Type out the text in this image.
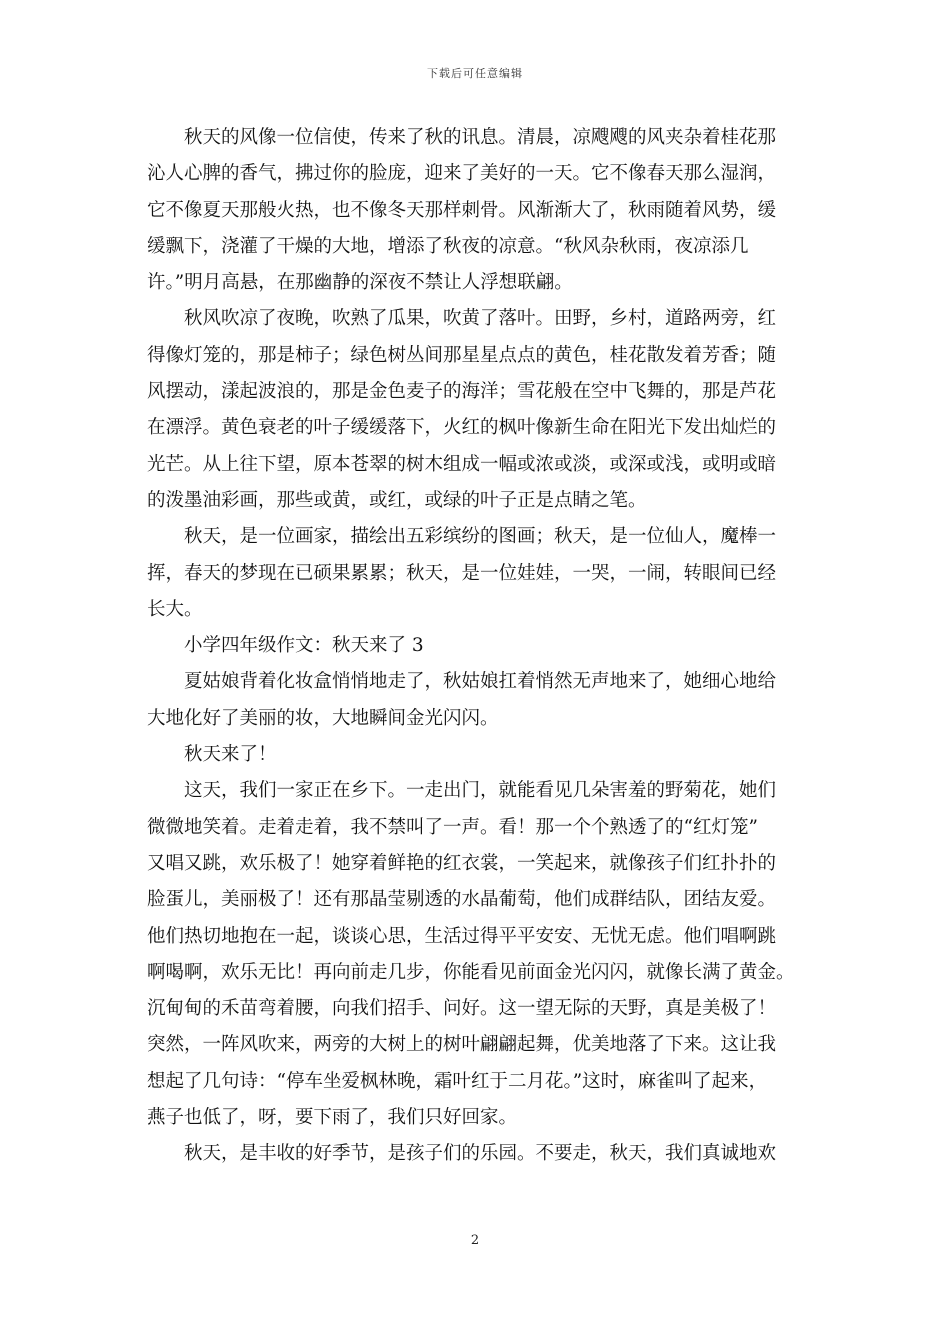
下载后可任意编辑
　　秋天的风像一位信使，传来了秋的讯息。清晨，凉飕飕的风夹杂着桂花那
沁人心脾的香气，拂过你的脸庞，迎来了美好的一天。它不像春天那么湿润，
它不像夏天那般火热，也不像冬天那样刺骨。风渐渐大了，秋雨随着风势，缓
缓飘下，浇灌了干燥的大地，增添了秋夜的凉意。“秋风杂秋雨，夜凉添几
许。”明月高悬，在那幽静的深夜不禁让人浮想联翩。
　　秋风吹凉了夜晚，吹熟了瓜果，吹黄了落叶。田野，乡村，道路两旁，红
得像灯笼的，那是柿子；绿色树丛间那星星点点的黄色，桂花散发着芳香；随
风摆动，漾起波浪的，那是金色麦子的海洋；雪花般在空中飞舞的，那是芦花
在漂浮。黄色衰老的叶子缓缓落下，火红的枫叶像新生命在阳光下发出灿烂的
光芒。从上往下望，原本苍翠的树木组成一幅或浓或淡，或深或浅，或明或暗
的泼墨油彩画，那些或黄，或红，或绿的叶子正是点睛之笔。
　　秋天，是一位画家，描绘出五彩缤纷的图画；秋天，是一位仙人，魔棒一
挥，春天的梦现在已硕果累累；秋天，是一位娃娃，一哭，一闹，转眼间已经
长大。
　　小学四年级作文：秋天来了 3
　　夏姑娘背着化妆盒悄悄地走了，秋姑娘扛着悄然无声地来了，她细心地给
大地化好了美丽的妆，大地瞬间金光闪闪。
　　秋天来了！
　　这天，我们一家正在乡下。一走出门，就能看见几朵害羞的野菊花，她们
微微地笑着。走着走着，我不禁叫了一声。看！那一个个熟透了的“红灯笼”
又唱又跳，欢乐极了！她穿着鲜艳的红衣裳，一笑起来，就像孩子们红扑扑的
脸蛋儿，美丽极了！还有那晶莹剔透的水晶葡萄，他们成群结队，团结友爱。
他们热切地抱在一起，谈谈心思，生活过得平平安安、无忧无虑。他们唱啊跳
啊喝啊，欢乐无比！再向前走几步，你能看见前面金光闪闪，就像长满了黄金。
沉甸甸的禾苗弯着腰，向我们招手、问好。这一望无际的天野，真是美极了！
突然，一阵风吹来，两旁的大树上的树叶翩翩起舞，优美地落了下来。这让我
想起了几句诗：“停车坐爱枫林晚，霜叶红于二月花。”这时，麻雀叫了起来，
燕子也低了，呀，要下雨了，我们只好回家。
　　秋天，是丰收的好季节，是孩子们的乐园。不要走，秋天，我们真诚地欢
2
